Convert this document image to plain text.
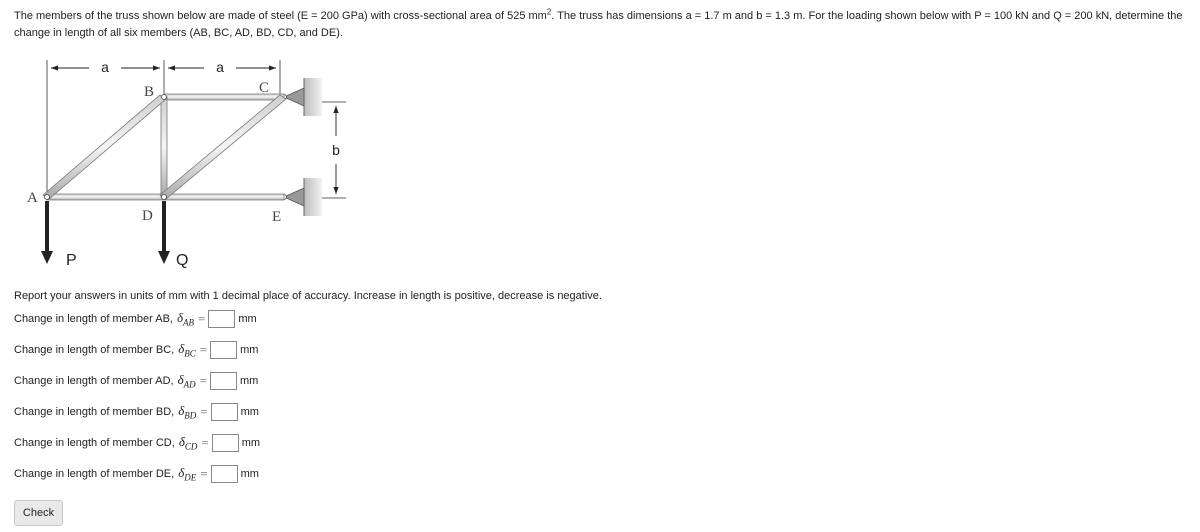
The members of the truss shown below are made of steel (E = 200 GPa) with cross-sectional area of 525 $mm^2$. The truss has dimensions a = 1.7 m and b = 1.3 m. For the loading shown below with P = 100 kN and Q = 200 kN, determine the change in length of all six members (AB, BC, AD, BD, CD, and DE).
a	a
b
A
B	C
D	E
P	Q
Report your answers in units of mm with 1 decimal place of accuracy. Increase in length is positive, decrease is negative.
Change in length of member AB, $\delta_{AB}$ =	mm
Change in length of member BC, $\delta_{BC}$ =	mm
Change in length of member AD, $\delta_{AD}$ =	mm
Change in length of member BD, $\delta_{BD}$ =	mm
Change in length of member CD, $\delta_{CD}$ =	mm
Change in length of member DE, $\delta_{DE}$ =	mm
Check
